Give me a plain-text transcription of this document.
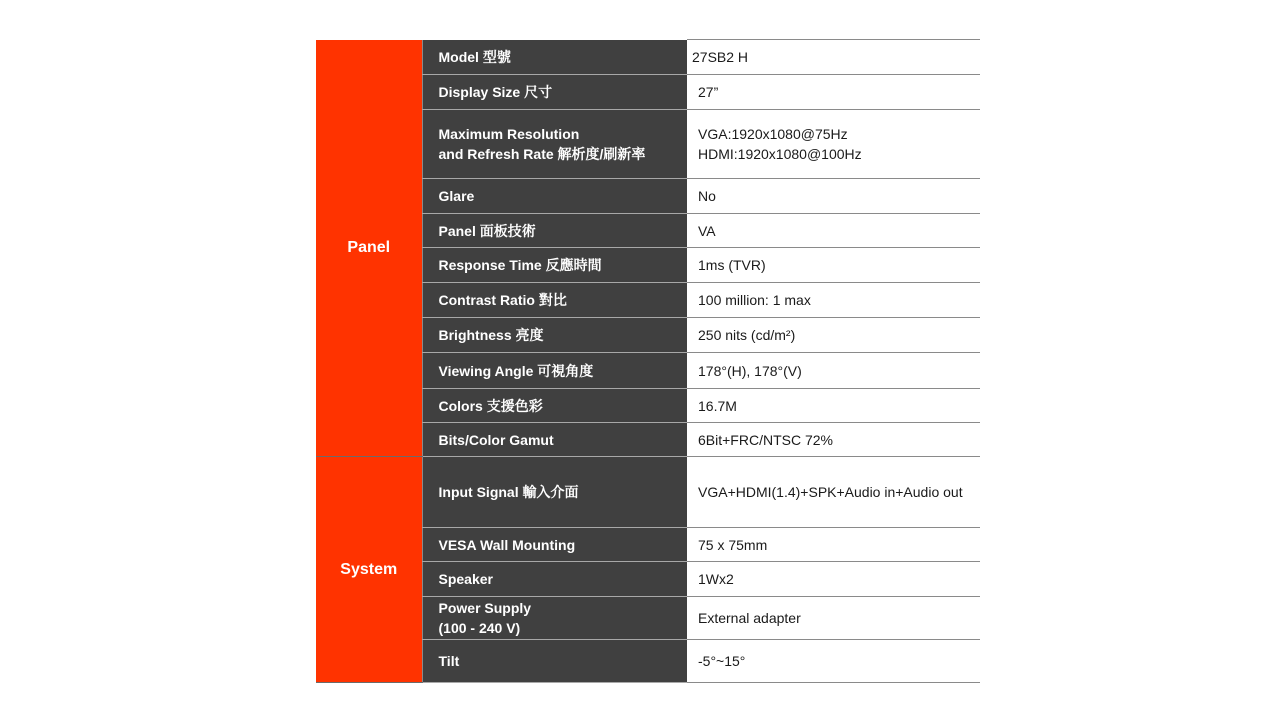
Panel	Model 型號	27SB2 H

	Display Size 尺寸	27”

	Maximum Resolution
and Refresh Rate 解析度/刷新率	VGA:1920x1080@75Hz
HDMI:1920x1080@100Hz

	Glare	No

	Panel 面板技術	VA

	Response Time 反應時間	1ms (TVR)

	Contrast Ratio 對比	100 million: 1 max

	Brightness 亮度	250 nits (cd/m²)

	Viewing Angle 可視角度	178°(H), 178°(V)

	Colors 支援色彩	16.7M

	Bits/Color Gamut	6Bit+FRC/NTSC 72%

System	Input Signal 輸入介面	VGA+HDMI(1.4)+SPK+Audio in+Audio out

	VESA Wall Mounting	75 x 75mm

	Speaker	1Wx2

	Power Supply
(100 - 240 V)	External adapter

	Tilt	-5°~15°
